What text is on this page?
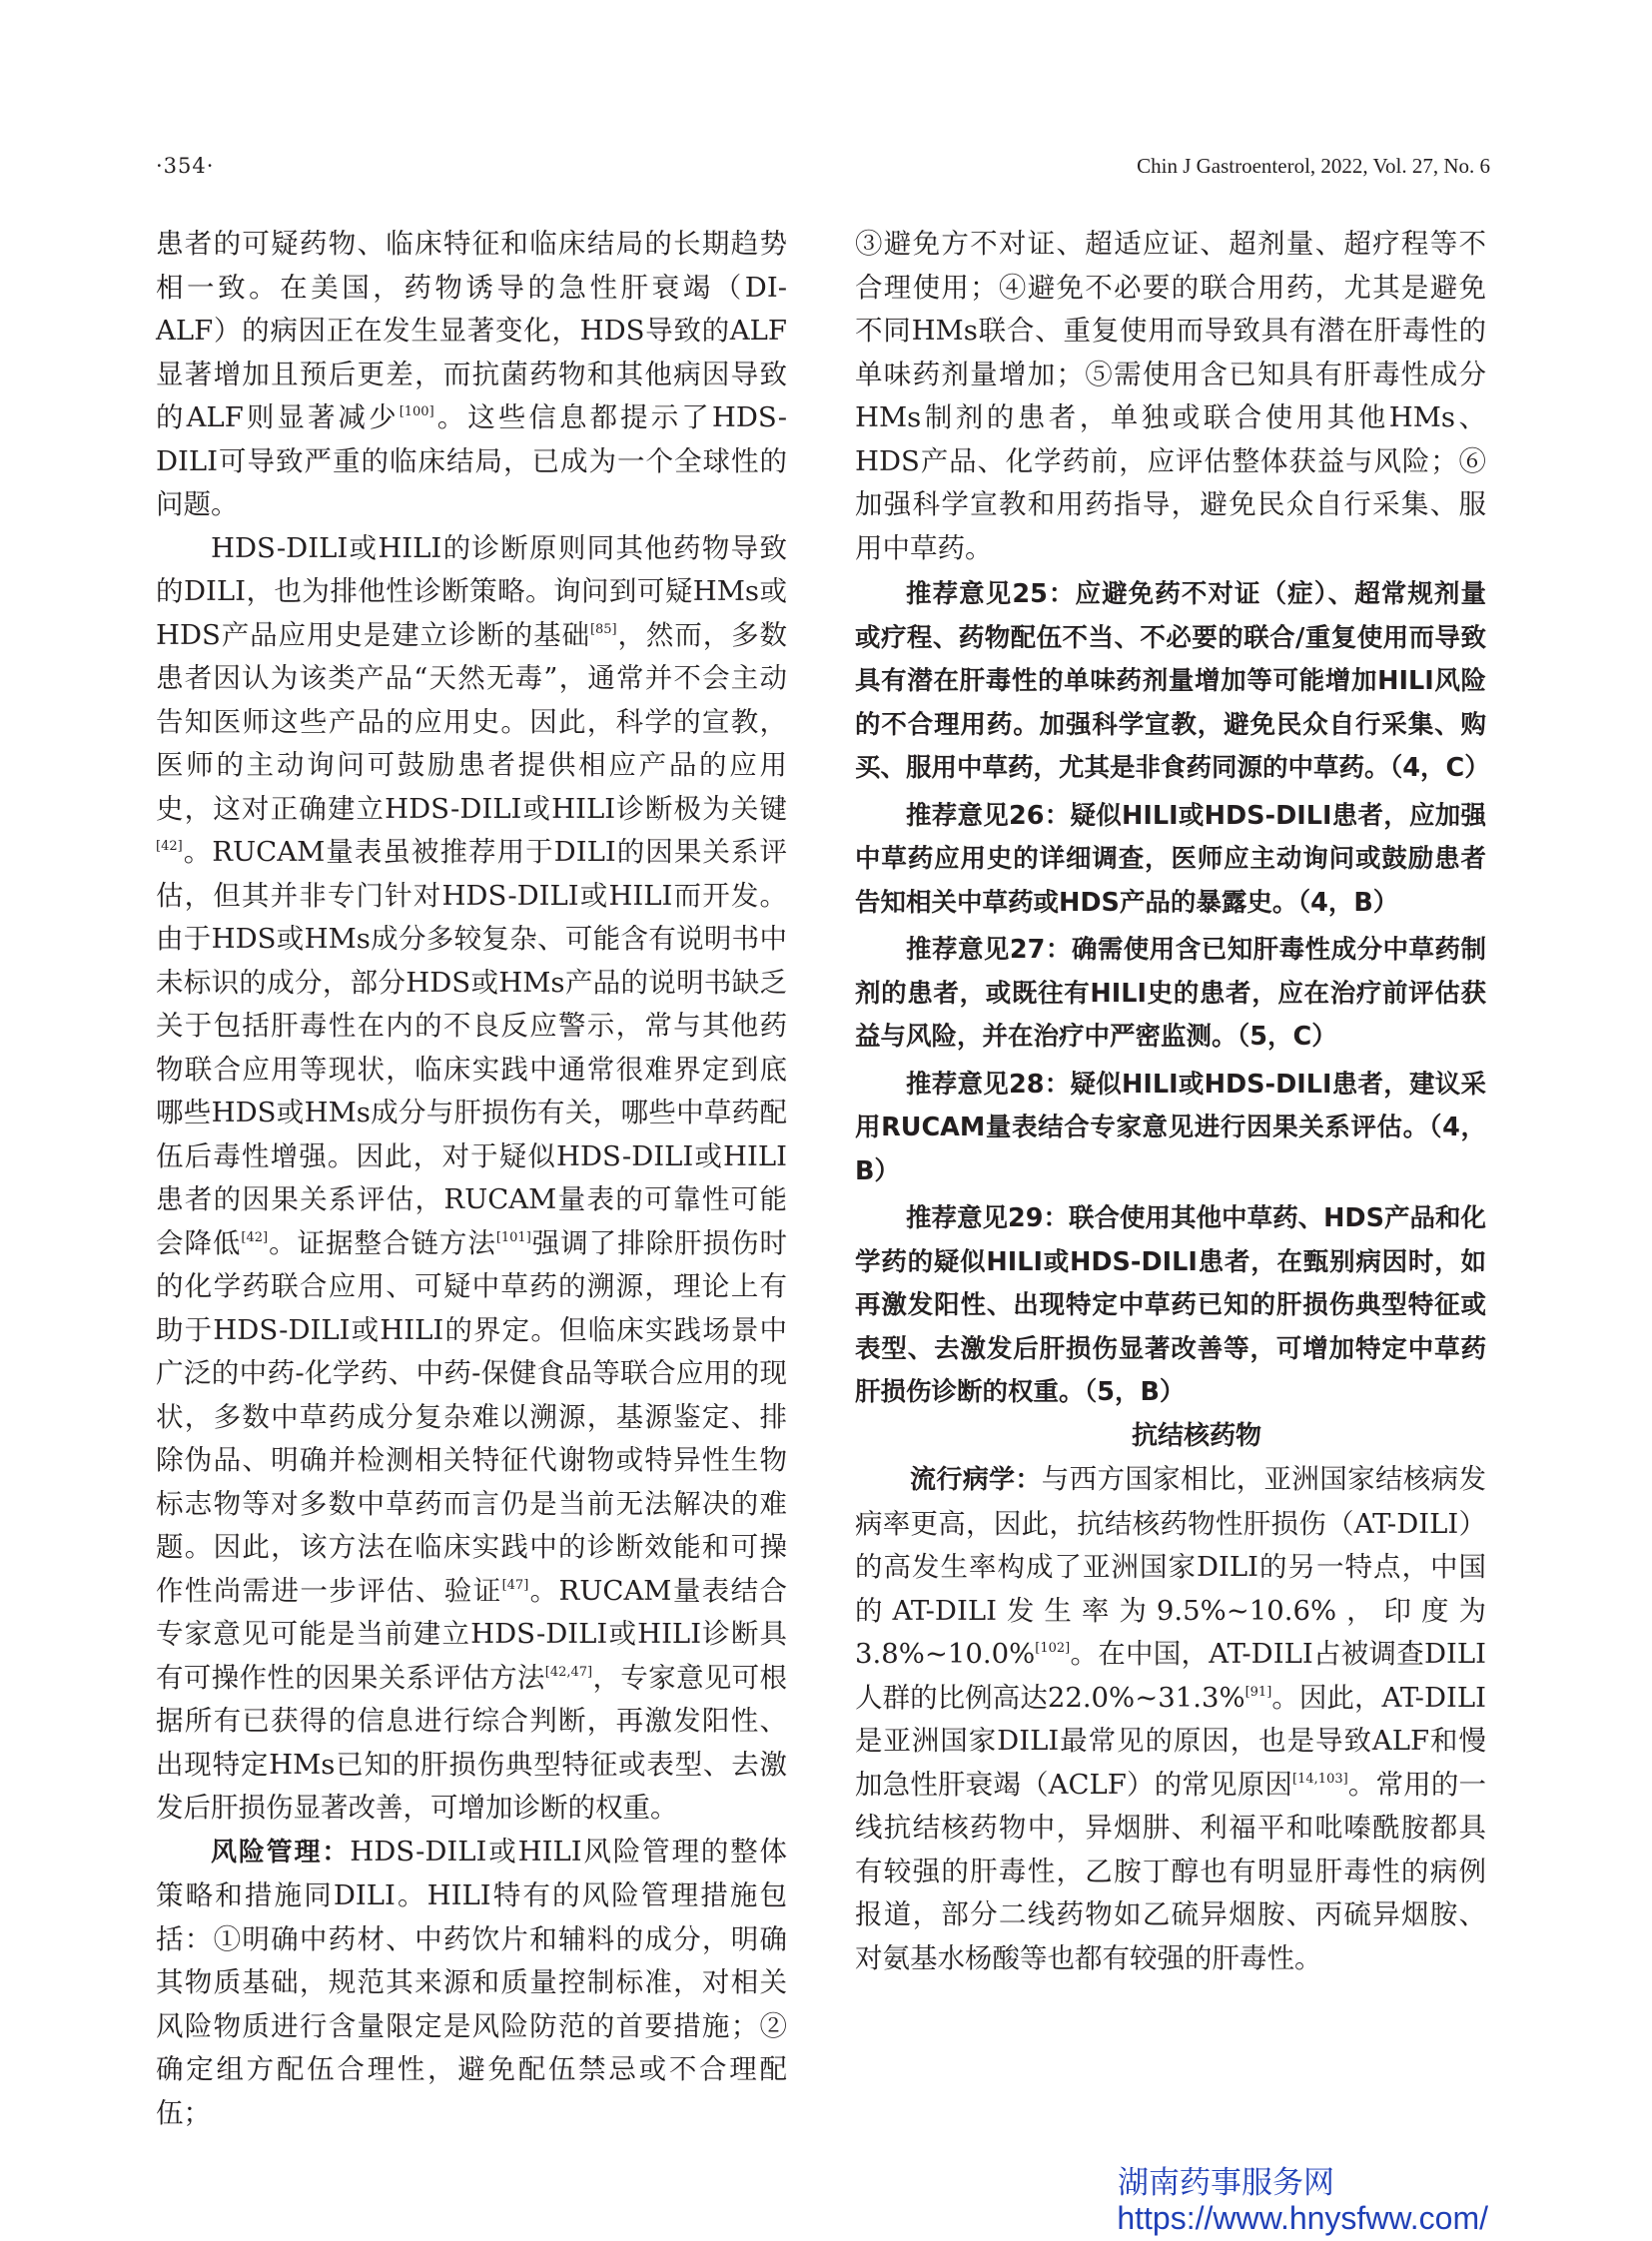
·354·	Chin J Gastroenterol, 2022, Vol. 27, No. 6

患者的可疑药物、临床特征和临床结局的长期趋势相一致。在美国，药物诱导的急性肝衰竭（DI-ALF）的病因正在发生显著变化，HDS导致的ALF显著增加且预后更差，而抗菌药物和其他病因导致的ALF则显著减少[100]。这些信息都提示了HDS-DILI可导致严重的临床结局，已成为一个全球性的问题。

HDS-DILI或HILI的诊断原则同其他药物导致的DILI，也为排他性诊断策略。询问到可疑HMs或HDS产品应用史是建立诊断的基础[85]，然而，多数患者因认为该类产品“天然无毒”，通常并不会主动告知医师这些产品的应用史。因此，科学的宣教，医师的主动询问可鼓励患者提供相应产品的应用史，这对正确建立HDS-DILI或HILI诊断极为关键[42]。RUCAM量表虽被推荐用于DILI的因果关系评估，但其并非专门针对HDS-DILI或HILI而开发。由于HDS或HMs成分多较复杂、可能含有说明书中未标识的成分，部分HDS或HMs产品的说明书缺乏关于包括肝毒性在内的不良反应警示，常与其他药物联合应用等现状，临床实践中通常很难界定到底哪些HDS或HMs成分与肝损伤有关，哪些中草药配伍后毒性增强。因此，对于疑似HDS-DILI或HILI患者的因果关系评估，RUCAM量表的可靠性可能会降低[42]。证据整合链方法[101]强调了排除肝损伤时的化学药联合应用、可疑中草药的溯源，理论上有助于HDS-DILI或HILI的界定。但临床实践场景中广泛的中药-化学药、中药-保健食品等联合应用的现状，多数中草药成分复杂难以溯源，基源鉴定、排除伪品、明确并检测相关特征代谢物或特异性生物标志物等对多数中草药而言仍是当前无法解决的难题。因此，该方法在临床实践中的诊断效能和可操作性尚需进一步评估、验证[47]。RUCAM量表结合专家意见可能是当前建立HDS-DILI或HILI诊断具有可操作性的因果关系评估方法[42,47]，专家意见可根据所有已获得的信息进行综合判断，再激发阳性、出现特定HMs已知的肝损伤典型特征或表型、去激发后肝损伤显著改善，可增加诊断的权重。

风险管理：HDS-DILI或HILI风险管理的整体策略和措施同DILI。HILI特有的风险管理措施包括：①明确中药材、中药饮片和辅料的成分，明确其物质基础，规范其来源和质量控制标准，对相关风险物质进行含量限定是风险防范的首要措施；②确定组方配伍合理性，避免配伍禁忌或不合理配伍；

③避免方不对证、超适应证、超剂量、超疗程等不合理使用；④避免不必要的联合用药，尤其是避免不同HMs联合、重复使用而导致具有潜在肝毒性的单味药剂量增加；⑤需使用含已知具有肝毒性成分HMs制剂的患者，单独或联合使用其他HMs、HDS产品、化学药前，应评估整体获益与风险；⑥加强科学宣教和用药指导，避免民众自行采集、服用中草药。

推荐意见25：应避免药不对证（症）、超常规剂量或疗程、药物配伍不当、不必要的联合/重复使用而导致具有潜在肝毒性的单味药剂量增加等可能增加HILI风险的不合理用药。加强科学宣教，避免民众自行采集、购买、服用中草药，尤其是非食药同源的中草药。（4，C）

推荐意见26：疑似HILI或HDS-DILI患者，应加强中草药应用史的详细调查，医师应主动询问或鼓励患者告知相关中草药或HDS产品的暴露史。（4，B）

推荐意见27：确需使用含已知肝毒性成分中草药制剂的患者，或既往有HILI史的患者，应在治疗前评估获益与风险，并在治疗中严密监测。（5，C）

推荐意见28：疑似HILI或HDS-DILI患者，建议采用RUCAM量表结合专家意见进行因果关系评估。（4，B）

推荐意见29：联合使用其他中草药、HDS产品和化学药的疑似HILI或HDS-DILI患者，在甄别病因时，如再激发阳性、出现特定中草药已知的肝损伤典型特征或表型、去激发后肝损伤显著改善等，可增加特定中草药肝损伤诊断的权重。（5，B）

抗结核药物

流行病学：与西方国家相比，亚洲国家结核病发病率更高，因此，抗结核药物性肝损伤（AT-DILI）的高发生率构成了亚洲国家DILI的另一特点，中国的AT-DILI发生率为9.5%~10.6%，印度为3.8%~10.0%[102]。在中国，AT-DILI占被调查DILI人群的比例高达22.0%~31.3%[91]。因此，AT-DILI是亚洲国家DILI最常见的原因，也是导致ALF和慢加急性肝衰竭（ACLF）的常见原因[14,103]。常用的一线抗结核药物中，异烟肼、利福平和吡嗪酰胺都具有较强的肝毒性，乙胺丁醇也有明显肝毒性的病例报道，部分二线药物如乙硫异烟胺、丙硫异烟胺、对氨基水杨酸等也都有较强的肝毒性。

湖南药事服务网
https://www.hnysfww.com/
